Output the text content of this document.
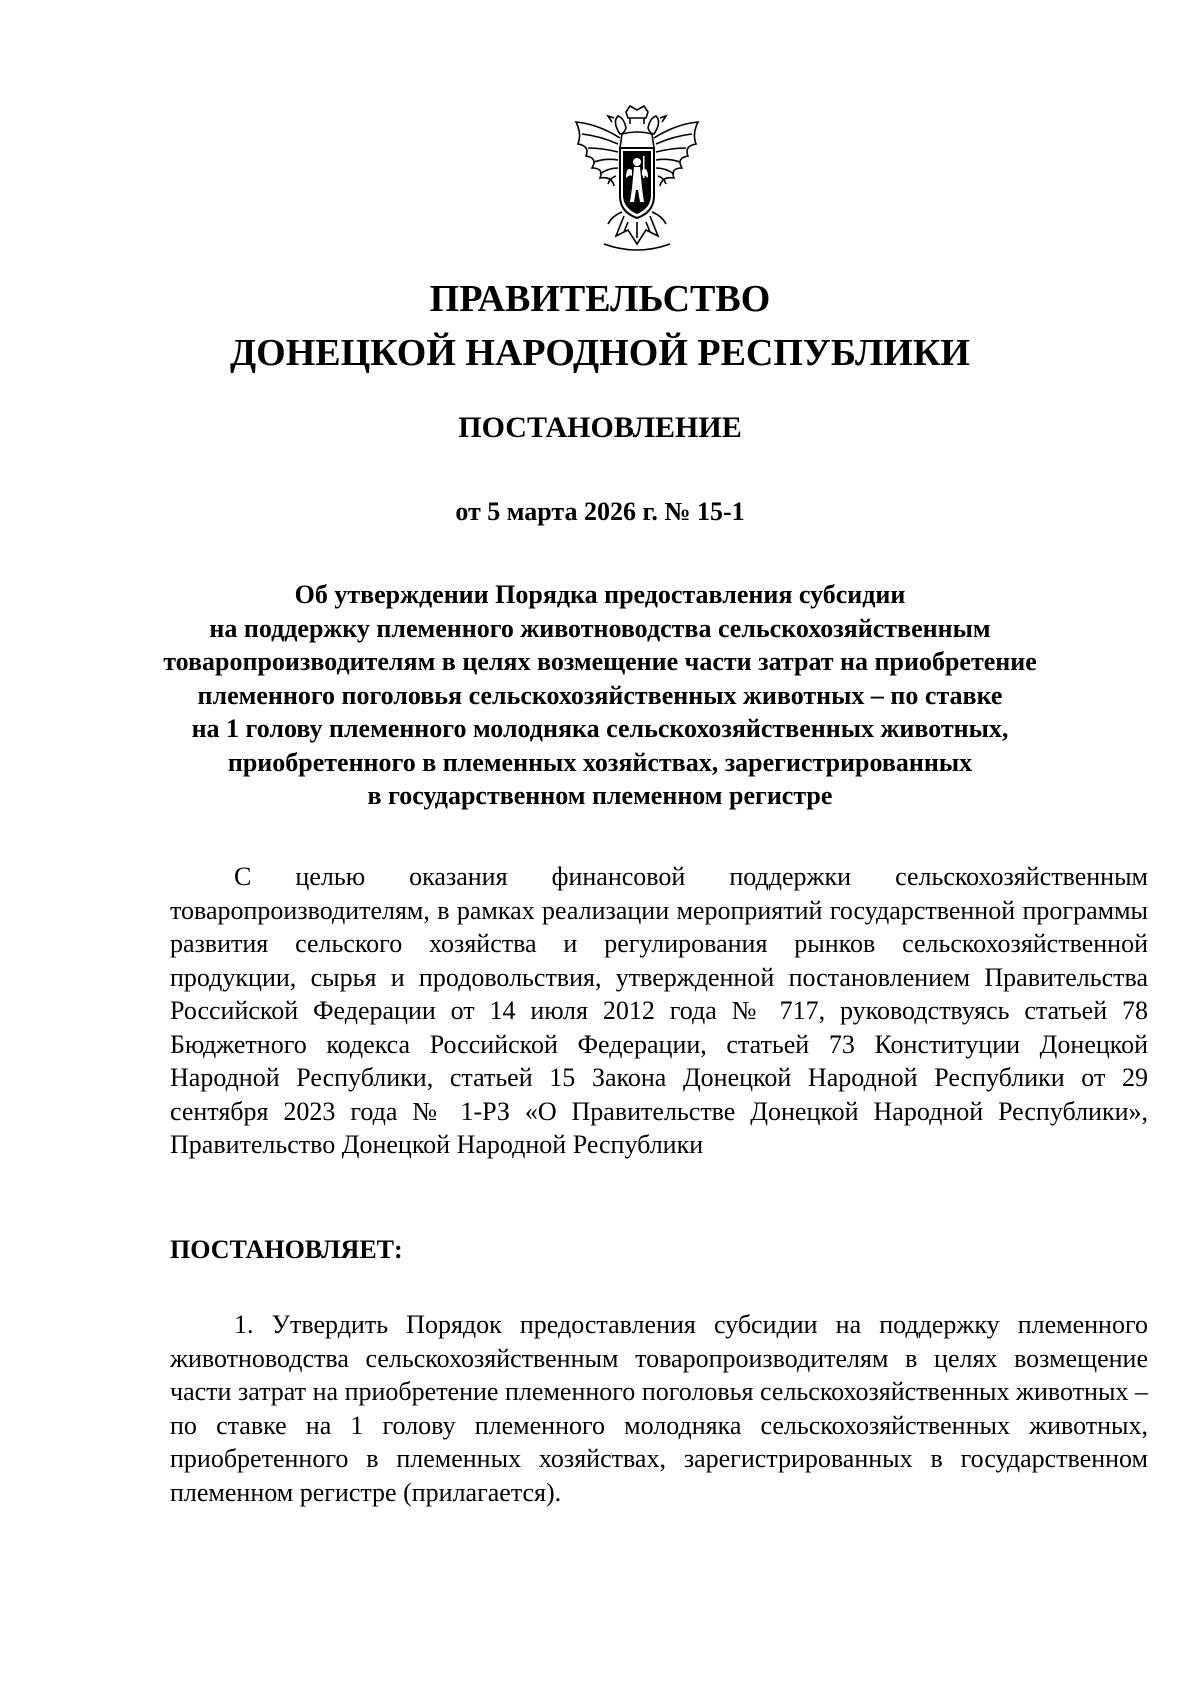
ПРАВИТЕЛЬСТВО
ДОНЕЦКОЙ НАРОДНОЙ РЕСПУБЛИКИ
ПОСТАНОВЛЕНИЕ
от 5 марта 2026 г. № 15-1
Об утверждении Порядка предоставления субсидии
на поддержку племенного животноводства сельскохозяйственным
товаропроизводителям в целях возмещение части затрат на приобретение
племенного поголовья сельскохозяйственных животных – по ставке
на 1 голову племенного молодняка сельскохозяйственных животных,
приобретенного в племенных хозяйствах, зарегистрированных
в государственном племенном регистре
С целью оказания финансовой поддержки сельскохозяйственным товаропроизводителям, в рамках реализации мероприятий государственной программы развития сельского хозяйства и регулирования рынков сельскохозяйственной продукции, сырья и продовольствия, утвержденной постановлением Правительства Российской Федерации от 14 июля 2012 года № 717, руководствуясь статьей 78 Бюджетного кодекса Российской Федерации, статьей 73 Конституции Донецкой Народной Республики, статьей 15 Закона Донецкой Народной Республики от 29 сентября 2023 года № 1-РЗ «О Правительстве Донецкой Народной Республики», Правительство Донецкой Народной Республики
ПОСТАНОВЛЯЕТ:
1. Утвердить Порядок предоставления субсидии на поддержку племенного животноводства сельскохозяйственным товаропроизводителям в целях возмещение части затрат на приобретение племенного поголовья сельскохозяйственных животных – по ставке на 1 голову племенного молодняка сельскохозяйственных животных, приобретенного в племенных хозяйствах, зарегистрированных в государственном племенном регистре (прилагается).
